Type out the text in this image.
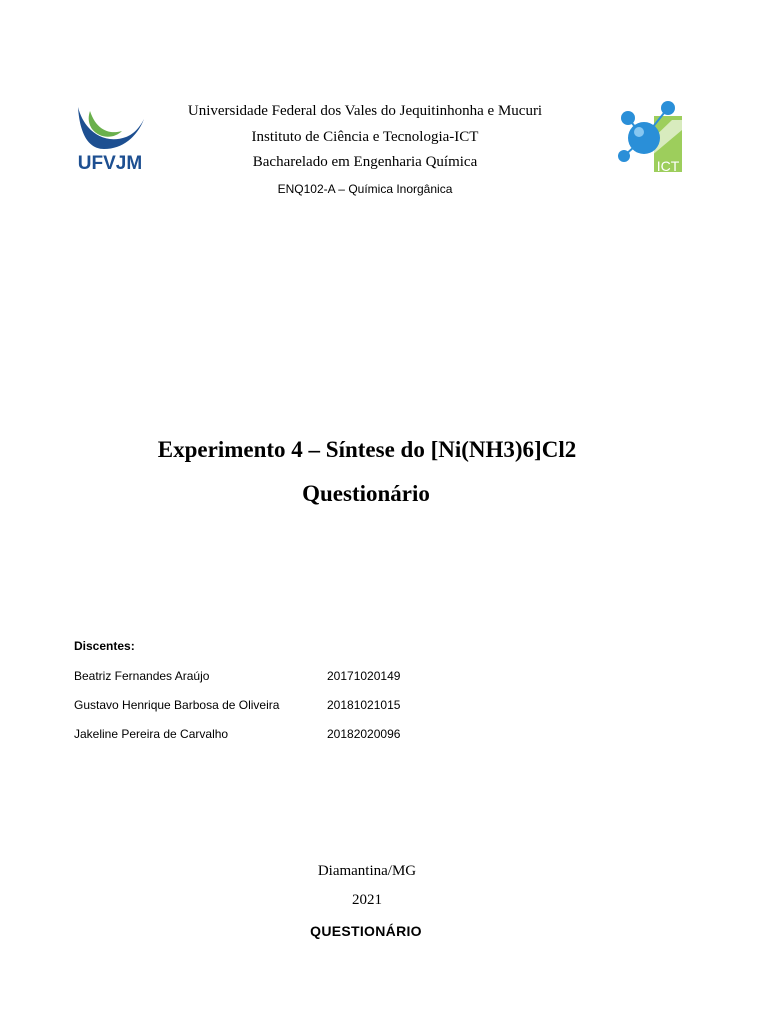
UFVJM
Universidade Federal dos Vales do Jequitinhonha e Mucuri
Instituto de Ciência e Tecnologia-ICT
Bacharelado em Engenharia Química
ENQ102-A – Química Inorgânica
ICT
Experimento 4 – Síntese do [Ni(NH3)6]Cl2
Questionário
Discentes:
Beatriz Fernandes Araújo	20171020149
Gustavo Henrique Barbosa de Oliveira	20181021015
Jakeline Pereira de Carvalho	20182020096
Diamantina/MG
2021
QUESTIONÁRIO
